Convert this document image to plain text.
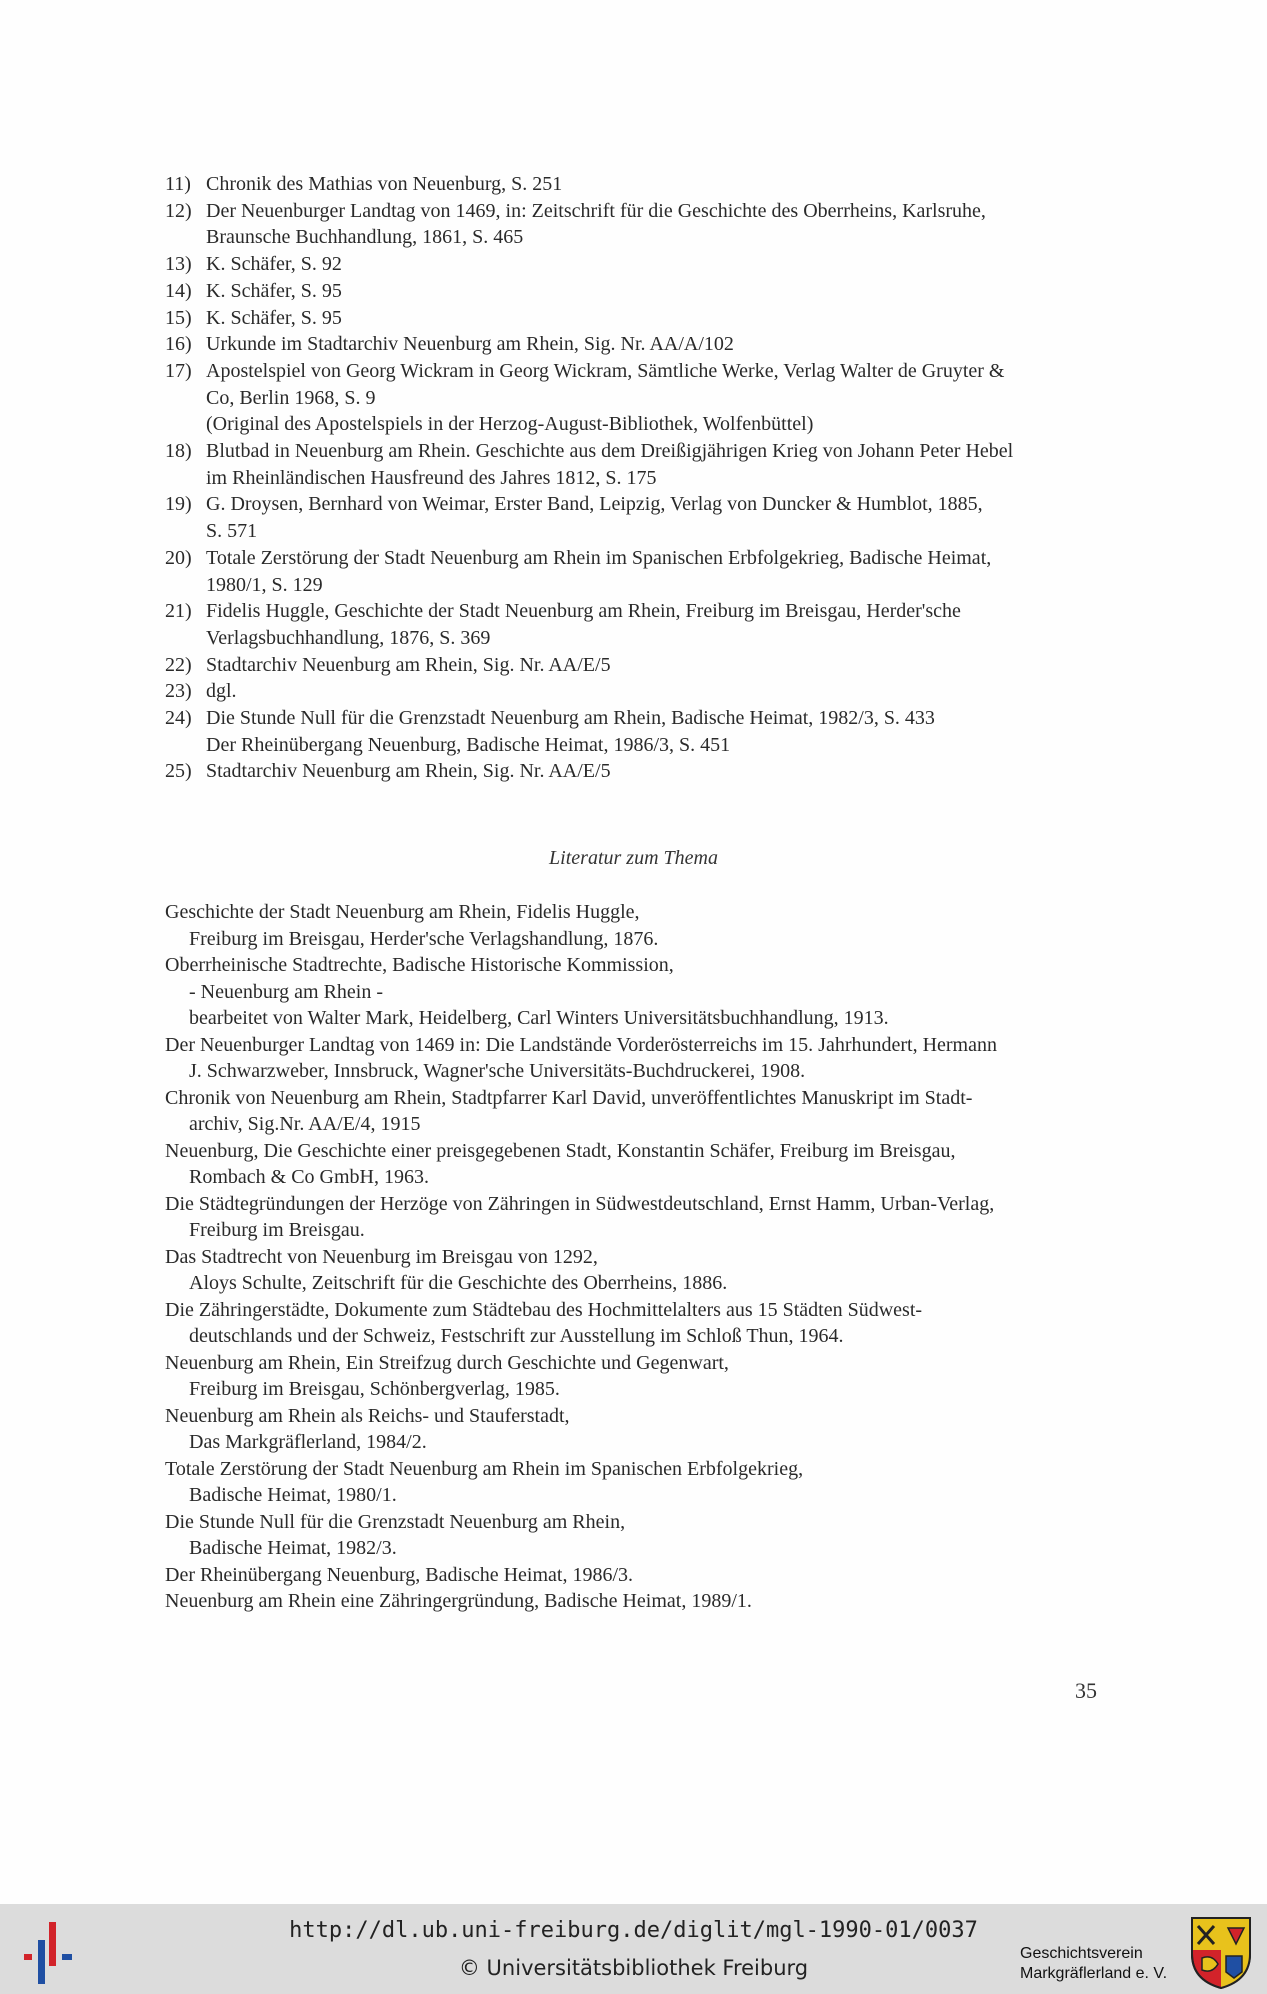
11) Chronik des Mathias von Neuenburg, S. 251
12) Der Neuenburger Landtag von 1469, in: Zeitschrift für die Geschichte des Oberrheins, Karlsruhe,
Braunsche Buchhandlung, 1861, S. 465
13) K. Schäfer, S. 92
14) K. Schäfer, S. 95
15) K. Schäfer, S. 95
16) Urkunde im Stadtarchiv Neuenburg am Rhein, Sig. Nr. AA/A/102
17) Apostelspiel von Georg Wickram in Georg Wickram, Sämtliche Werke, Verlag Walter de Gruyter &
Co, Berlin 1968, S. 9
(Original des Apostelspiels in der Herzog-August-Bibliothek, Wolfenbüttel)
18) Blutbad in Neuenburg am Rhein. Geschichte aus dem Dreißigjährigen Krieg von Johann Peter Hebel
im Rheinländischen Hausfreund des Jahres 1812, S. 175
19) G. Droysen, Bernhard von Weimar, Erster Band, Leipzig, Verlag von Duncker & Humblot, 1885,
S. 571
20) Totale Zerstörung der Stadt Neuenburg am Rhein im Spanischen Erbfolgekrieg, Badische Heimat,
1980/1, S. 129
21) Fidelis Huggle, Geschichte der Stadt Neuenburg am Rhein, Freiburg im Breisgau, Herder'sche
Verlagsbuchhandlung, 1876, S. 369
22) Stadtarchiv Neuenburg am Rhein, Sig. Nr. AA/E/5
23) dgl.
24) Die Stunde Null für die Grenzstadt Neuenburg am Rhein, Badische Heimat, 1982/3, S. 433
Der Rheinübergang Neuenburg, Badische Heimat, 1986/3, S. 451
25) Stadtarchiv Neuenburg am Rhein, Sig. Nr. AA/E/5
Literatur zum Thema
Geschichte der Stadt Neuenburg am Rhein, Fidelis Huggle,
Freiburg im Breisgau, Herder'sche Verlagshandlung, 1876.
Oberrheinische Stadtrechte, Badische Historische Kommission,
- Neuenburg am Rhein -
bearbeitet von Walter Mark, Heidelberg, Carl Winters Universitätsbuchhandlung, 1913.
Der Neuenburger Landtag von 1469 in: Die Landstände Vorderösterreichs im 15. Jahrhundert, Hermann
J. Schwarzweber, Innsbruck, Wagner'sche Universitäts-Buchdruckerei, 1908.
Chronik von Neuenburg am Rhein, Stadtpfarrer Karl David, unveröffentlichtes Manuskript im Stadt-
archiv, Sig.Nr. AA/E/4, 1915
Neuenburg, Die Geschichte einer preisgegebenen Stadt, Konstantin Schäfer, Freiburg im Breisgau,
Rombach & Co GmbH, 1963.
Die Städtegründungen der Herzöge von Zähringen in Südwestdeutschland, Ernst Hamm, Urban-Verlag,
Freiburg im Breisgau.
Das Stadtrecht von Neuenburg im Breisgau von 1292,
Aloys Schulte, Zeitschrift für die Geschichte des Oberrheins, 1886.
Die Zähringerstädte, Dokumente zum Städtebau des Hochmittelalters aus 15 Städten Südwest-
deutschlands und der Schweiz, Festschrift zur Ausstellung im Schloß Thun, 1964.
Neuenburg am Rhein, Ein Streifzug durch Geschichte und Gegenwart,
Freiburg im Breisgau, Schönbergverlag, 1985.
Neuenburg am Rhein als Reichs- und Stauferstadt,
Das Markgräflerland, 1984/2.
Totale Zerstörung der Stadt Neuenburg am Rhein im Spanischen Erbfolgekrieg,
Badische Heimat, 1980/1.
Die Stunde Null für die Grenzstadt Neuenburg am Rhein,
Badische Heimat, 1982/3.
Der Rheinübergang Neuenburg, Badische Heimat, 1986/3.
Neuenburg am Rhein eine Zähringergründung, Badische Heimat, 1989/1.
35
http://dl.ub.uni-freiburg.de/diglit/mgl-1990-01/0037
© Universitätsbibliothek Freiburg
Geschichtsverein
Markgräflerland e. V.
